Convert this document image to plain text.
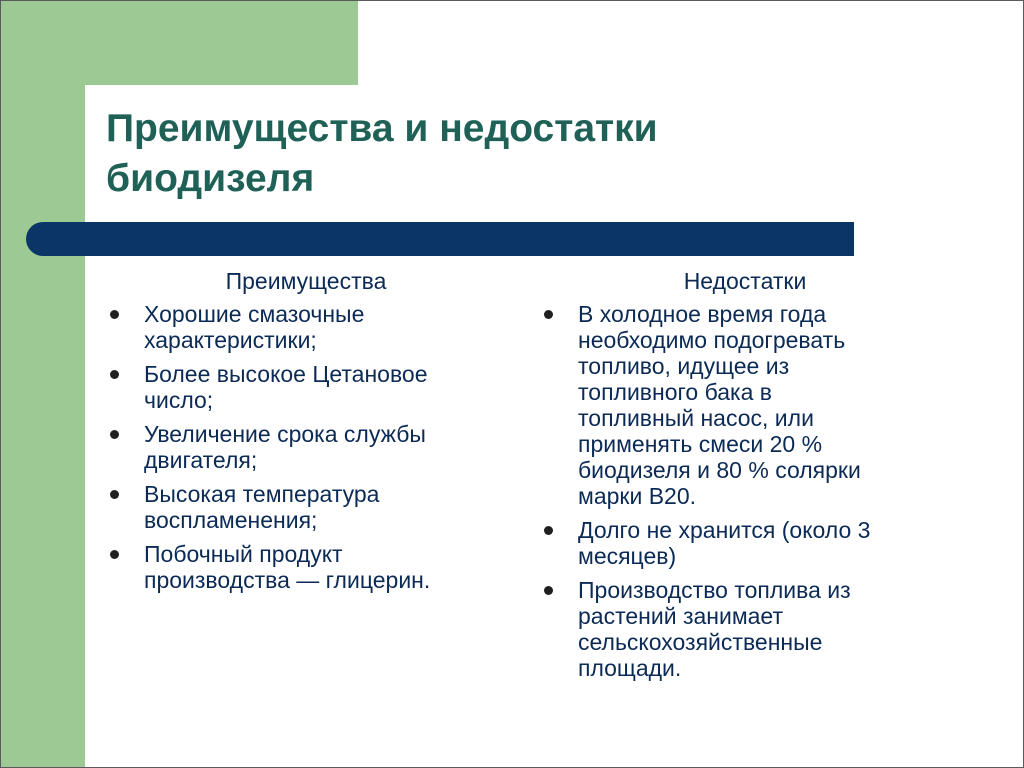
Преимущества и недостатки
биодизеля
Преимущества
Хорошие смазочные
характеристики;
Более высокое Цетановое
число;
Увеличение срока службы
двигателя;
Высокая температура
воспламенения;
Побочный продукт
производства — глицерин.
Недостатки
В холодное время года
необходимо подогревать
топливо, идущее из
топливного бака в
топливный насос, или
применять смеси 20 %
биодизеля и 80 % солярки
марки B20.
Долго не хранится (около 3
месяцев)
Производство топлива из
растений занимает
сельскохозяйственные
площади.
